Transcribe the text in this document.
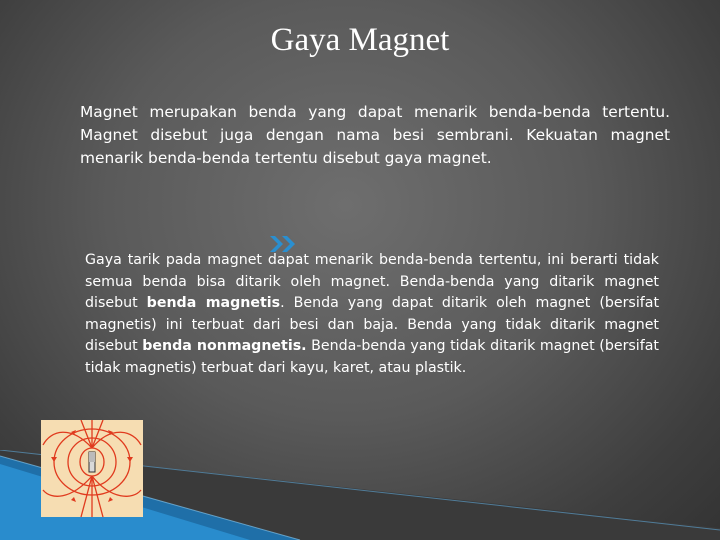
Gaya Magnet

Magnet merupakan benda yang dapat menarik benda-benda tertentu. Magnet disebut juga dengan nama besi sembrani. Kekuatan magnet menarik benda-benda tertentu disebut gaya magnet.

Gaya tarik pada magnet dapat menarik benda-benda tertentu, ini berarti tidak semua benda bisa ditarik oleh magnet. Benda-benda yang ditarik magnet disebut benda magnetis. Benda yang dapat ditarik oleh magnet (bersifat magnetis) ini terbuat dari besi dan baja. Benda yang tidak ditarik magnet disebut benda nonmagnetis. Benda-benda yang tidak ditarik magnet (bersifat tidak magnetis) terbuat dari kayu, karet, atau plastik.
